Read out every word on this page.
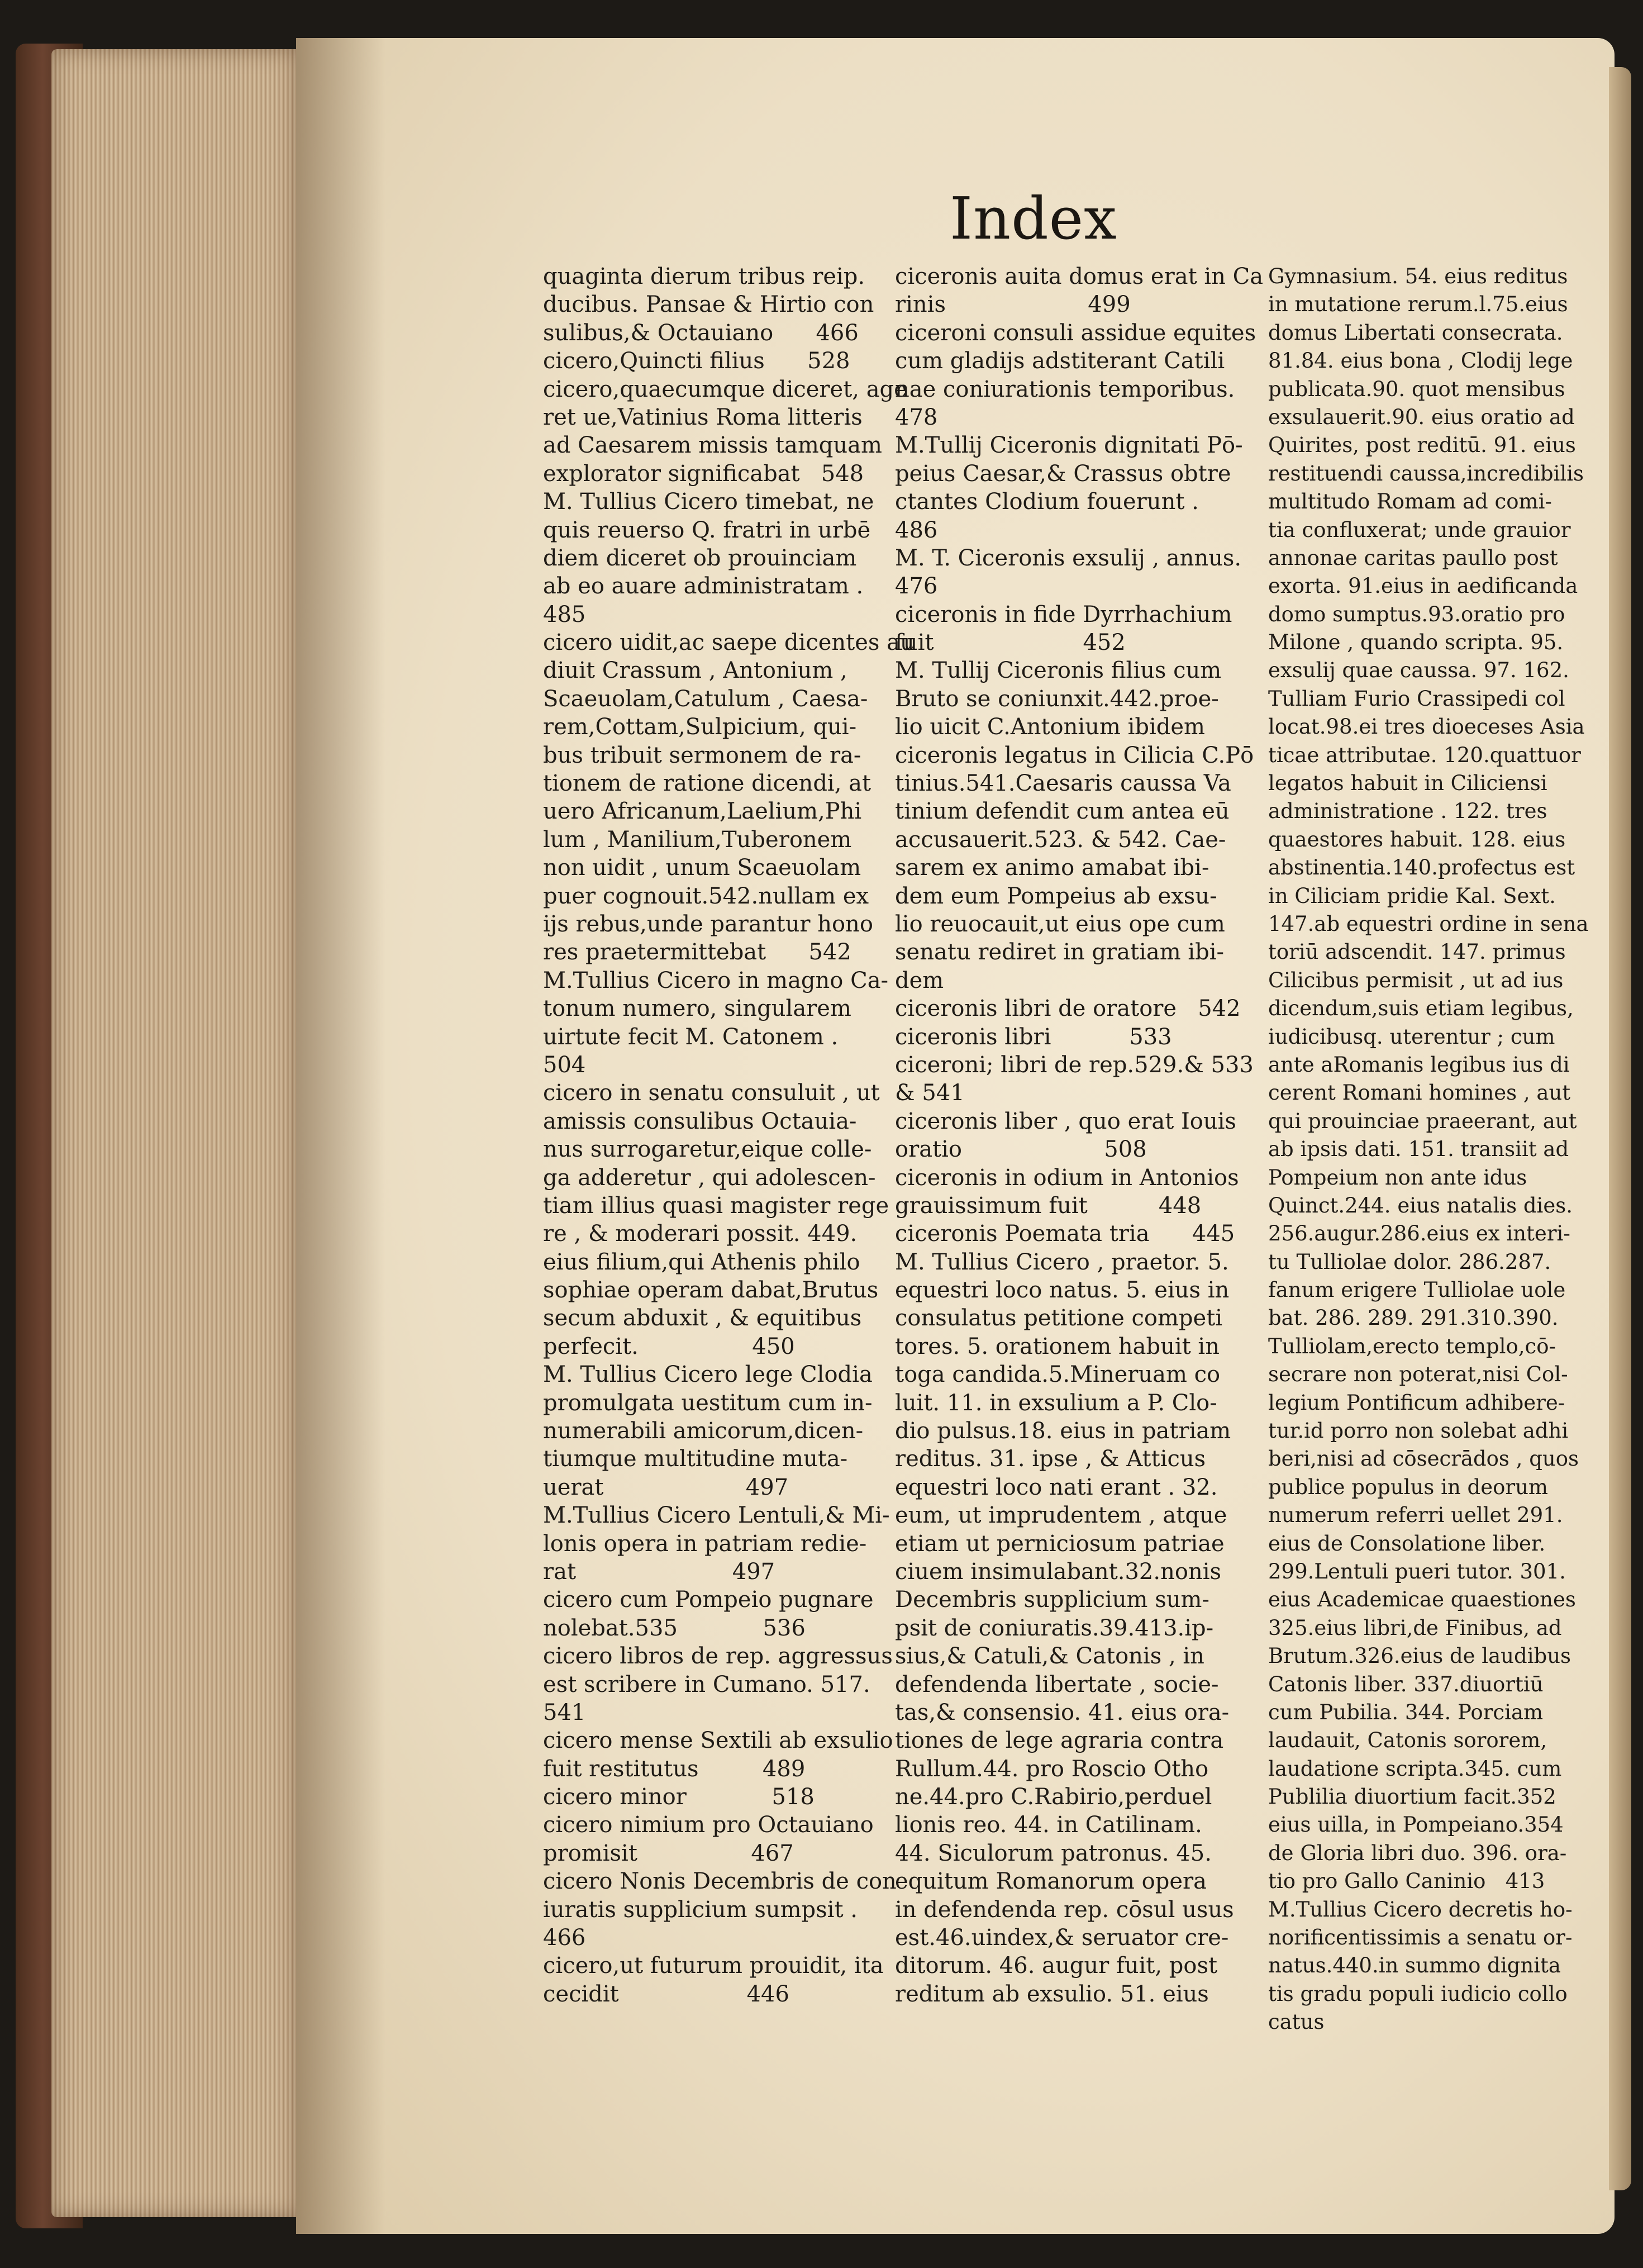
Index
quaginta dierum tribus reip.
ducibus. Pansae & Hirtio con
sulibus,& Octauiano      466
cicero,Quincti filius      528
cicero,quaecumque diceret, age
ret ue,Vatinius Roma litteris
ad Caesarem missis tamquam
explorator significabat   548
M. Tullius Cicero timebat, ne
quis reuerso Q. fratri in urbē
diem diceret ob prouinciam
ab eo auare administratam .
485
cicero uidit,ac saepe dicentes au
diuit Crassum , Antonium ,
Scaeuolam,Catulum , Caesa-
rem,Cottam,Sulpicium, qui-
bus tribuit sermonem de ra-
tionem de ratione dicendi, at
uero Africanum,Laelium,Phi
lum , Manilium,Tuberonem
non uidit , unum Scaeuolam
puer cognouit.542.nullam ex
ijs rebus,unde parantur hono
res praetermittebat      542
M.Tullius Cicero in magno Ca-
tonum numero, singularem
uirtute fecit M. Catonem .
504
cicero in senatu consuluit , ut
amissis consulibus Octauia-
nus surrogaretur,eique colle-
ga adderetur , qui adolescen-
tiam illius quasi magister rege
re , & moderari possit. 449.
eius filium,qui Athenis philo
sophiae operam dabat,Brutus
secum abduxit , & equitibus
perfecit.                450
M. Tullius Cicero lege Clodia
promulgata uestitum cum in-
numerabili amicorum,dicen-
tiumque multitudine muta-
uerat                    497
M.Tullius Cicero Lentuli,& Mi-
lonis opera in patriam redie-
rat                      497
cicero cum Pompeio pugnare
nolebat.535            536
cicero libros de rep. aggressus
est scribere in Cumano. 517.
541
cicero mense Sextili ab exsulio
fuit restitutus         489
cicero minor            518
cicero nimium pro Octauiano
promisit                467
cicero Nonis Decembris de con
iuratis supplicium sumpsit .
466
cicero,ut futurum prouidit, ita
cecidit                  446
ciceronis auita domus erat in Ca
rinis                    499
ciceroni consuli assidue equites
cum gladijs adstiterant Catili
nae coniurationis temporibus.
478
M.Tullij Ciceronis dignitati Pō-
peius Caesar,& Crassus obtre
ctantes Clodium fouerunt .
486
M. T. Ciceronis exsulij , annus.
476
ciceronis in fide Dyrrhachium
fuit                     452
M. Tullij Ciceronis filius cum
Bruto se coniunxit.442.proe-
lio uicit C.Antonium ibidem
ciceronis legatus in Cilicia C.Pō
tinius.541.Caesaris caussa Va
tinium defendit cum antea eū
accusauerit.523. & 542. Cae-
sarem ex animo amabat ibi-
dem eum Pompeius ab exsu-
lio reuocauit,ut eius ope cum
senatu rediret in gratiam ibi-
dem
ciceronis libri de oratore   542
ciceronis libri           533
ciceroni; libri de rep.529.& 533
& 541
ciceronis liber , quo erat Iouis
oratio                    508
ciceronis in odium in Antonios
grauissimum fuit          448
ciceronis Poemata tria      445
M. Tullius Cicero , praetor. 5.
equestri loco natus. 5. eius in
consulatus petitione competi
tores. 5. orationem habuit in
toga candida.5.Mineruam co
luit. 11. in exsulium a P. Clo-
dio pulsus.18. eius in patriam
reditus. 31. ipse , & Atticus
equestri loco nati erant . 32.
eum, ut imprudentem , atque
etiam ut perniciosum patriae
ciuem insimulabant.32.nonis
Decembris supplicium sum-
psit de coniuratis.39.413.ip-
sius,& Catuli,& Catonis , in
defendenda libertate , socie-
tas,& consensio. 41. eius ora-
tiones de lege agraria contra
Rullum.44. pro Roscio Otho
ne.44.pro C.Rabirio,perduel
lionis reo. 44. in Catilinam.
44. Siculorum patronus. 45.
equitum Romanorum opera
in defendenda rep. cōsul usus
est.46.uindex,& seruator cre-
ditorum. 46. augur fuit, post
reditum ab exsulio. 51. eius
Gymnasium. 54. eius reditus
in mutatione rerum.l.75.eius
domus Libertati consecrata.
81.84. eius bona , Clodij lege
publicata.90. quot mensibus
exsulauerit.90. eius oratio ad
Quirites, post reditū. 91. eius
restituendi caussa,incredibilis
multitudo Romam ad comi-
tia confluxerat; unde grauior
annonae caritas paullo post
exorta. 91.eius in aedificanda
domo sumptus.93.oratio pro
Milone , quando scripta. 95.
exsulij quae caussa. 97. 162.
Tulliam Furio Crassipedi col
locat.98.ei tres dioeceses Asia
ticae attributae. 120.quattuor
legatos habuit in Ciliciensi
administratione . 122. tres
quaestores habuit. 128. eius
abstinentia.140.profectus est
in Ciliciam pridie Kal. Sext.
147.ab equestri ordine in sena
toriū adscendit. 147. primus
Cilicibus permisit , ut ad ius
dicendum,suis etiam legibus,
iudicibusq. uterentur ; cum
ante aRomanis legibus ius di
cerent Romani homines , aut
qui prouinciae praeerant, aut
ab ipsis dati. 151. transiit ad
Pompeium non ante idus
Quinct.244. eius natalis dies.
256.augur.286.eius ex interi-
tu Tulliolae dolor. 286.287.
fanum erigere Tulliolae uole
bat. 286. 289. 291.310.390.
Tulliolam,erecto templo,cō-
secrare non poterat,nisi Col-
legium Pontificum adhibere-
tur.id porro non solebat adhi
beri,nisi ad cōsecrādos , quos
publice populus in deorum
numerum referri uellet 291.
eius de Consolatione liber.
299.Lentuli pueri tutor. 301.
eius Academicae quaestiones
325.eius libri,de Finibus, ad
Brutum.326.eius de laudibus
Catonis liber. 337.diuortiū
cum Pubilia. 344. Porciam
laudauit, Catonis sororem,
laudatione scripta.345. cum
Publilia diuortium facit.352
eius uilla, in Pompeiano.354
de Gloria libri duo. 396. ora-
tio pro Gallo Caninio   413
M.Tullius Cicero decretis ho-
norificentissimis a senatu or-
natus.440.in summo dignita
tis gradu populi iudicio collo
catus
